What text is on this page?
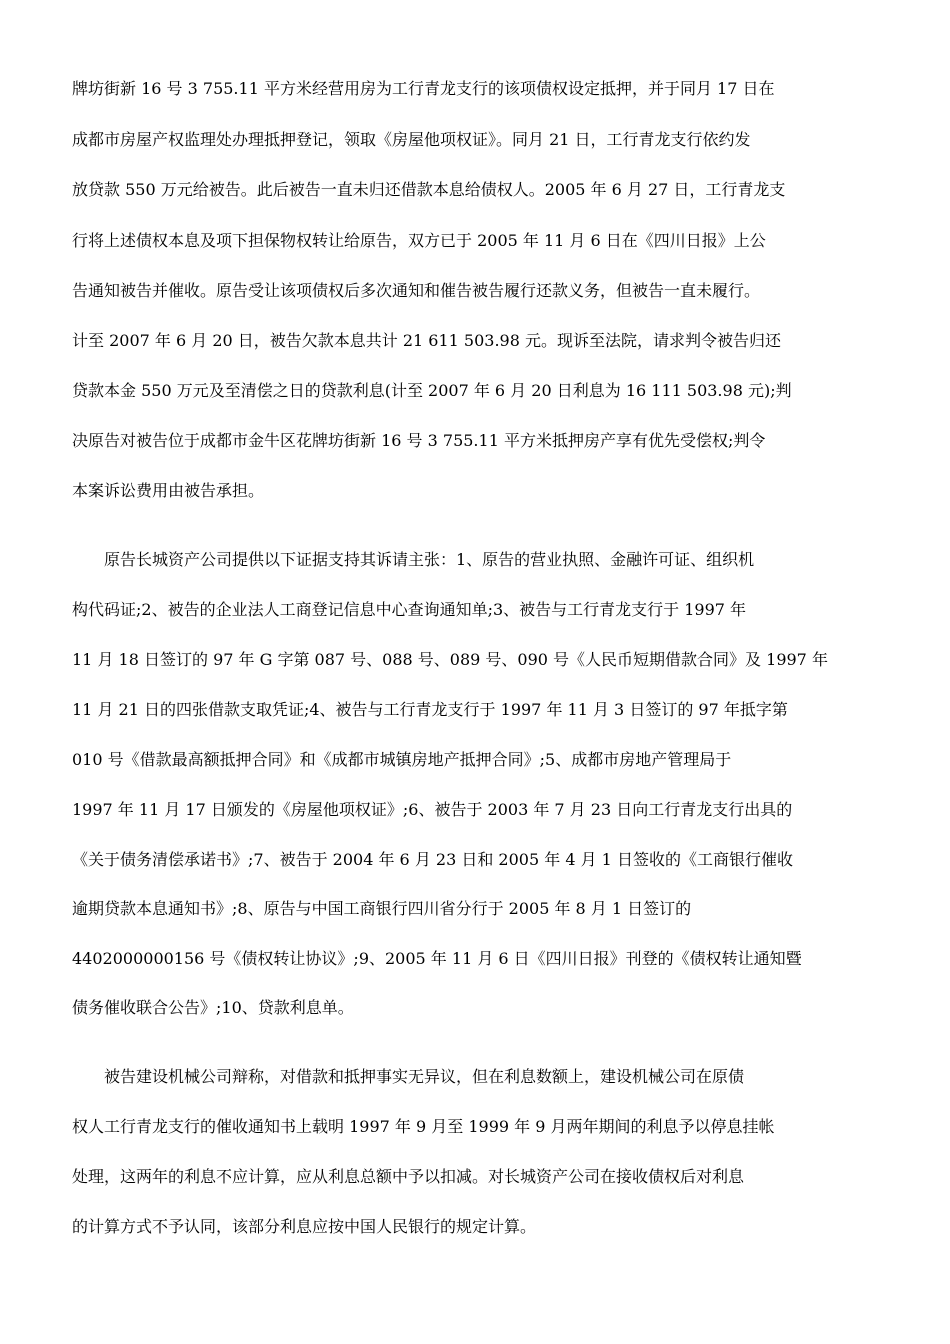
牌坊街新 16 号 3 755.11 平方米经营用房为工行青龙支行的该项债权设定抵押，并于同月 17 日在
成都市房屋产权监理处办理抵押登记，领取《房屋他项权证》。同月 21 日，工行青龙支行依约发
放贷款 550 万元给被告。此后被告一直未归还借款本息给债权人。2005 年 6 月 27 日，工行青龙支
行将上述债权本息及项下担保物权转让给原告，双方已于 2005 年 11 月 6 日在《四川日报》上公
告通知被告并催收。原告受让该项债权后多次通知和催告被告履行还款义务，但被告一直未履行。
计至 2007 年 6 月 20 日，被告欠款本息共计 21 611 503.98 元。现诉至法院，请求判令被告归还
贷款本金 550 万元及至清偿之日的贷款利息(计至 2007 年 6 月 20 日利息为 16 111 503.98 元);判
决原告对被告位于成都市金牛区花牌坊街新 16 号 3 755.11 平方米抵押房产享有优先受偿权;判令
本案诉讼费用由被告承担。
原告长城资产公司提供以下证据支持其诉请主张：1、原告的营业执照、金融许可证、组织机
构代码证;2、被告的企业法人工商登记信息中心查询通知单;3、被告与工行青龙支行于 1997 年
11 月 18 日签订的 97 年 G 字第 087 号、088 号、089 号、090 号《人民币短期借款合同》及 1997 年
11 月 21 日的四张借款支取凭证;4、被告与工行青龙支行于 1997 年 11 月 3 日签订的 97 年抵字第
010 号《借款最高额抵押合同》和《成都市城镇房地产抵押合同》;5、成都市房地产管理局于
1997 年 11 月 17 日颁发的《房屋他项权证》;6、被告于 2003 年 7 月 23 日向工行青龙支行出具的
《关于债务清偿承诺书》;7、被告于 2004 年 6 月 23 日和 2005 年 4 月 1 日签收的《工商银行催收
逾期贷款本息通知书》;8、原告与中国工商银行四川省分行于 2005 年 8 月 1 日签订的
4402000000156 号《债权转让协议》;9、2005 年 11 月 6 日《四川日报》刊登的《债权转让通知暨
债务催收联合公告》;10、贷款利息单。
被告建设机械公司辩称，对借款和抵押事实无异议，但在利息数额上，建设机械公司在原债
权人工行青龙支行的催收通知书上载明 1997 年 9 月至 1999 年 9 月两年期间的利息予以停息挂帐
处理，这两年的利息不应计算，应从利息总额中予以扣减。对长城资产公司在接收债权后对利息
的计算方式不予认同，该部分利息应按中国人民银行的规定计算。
